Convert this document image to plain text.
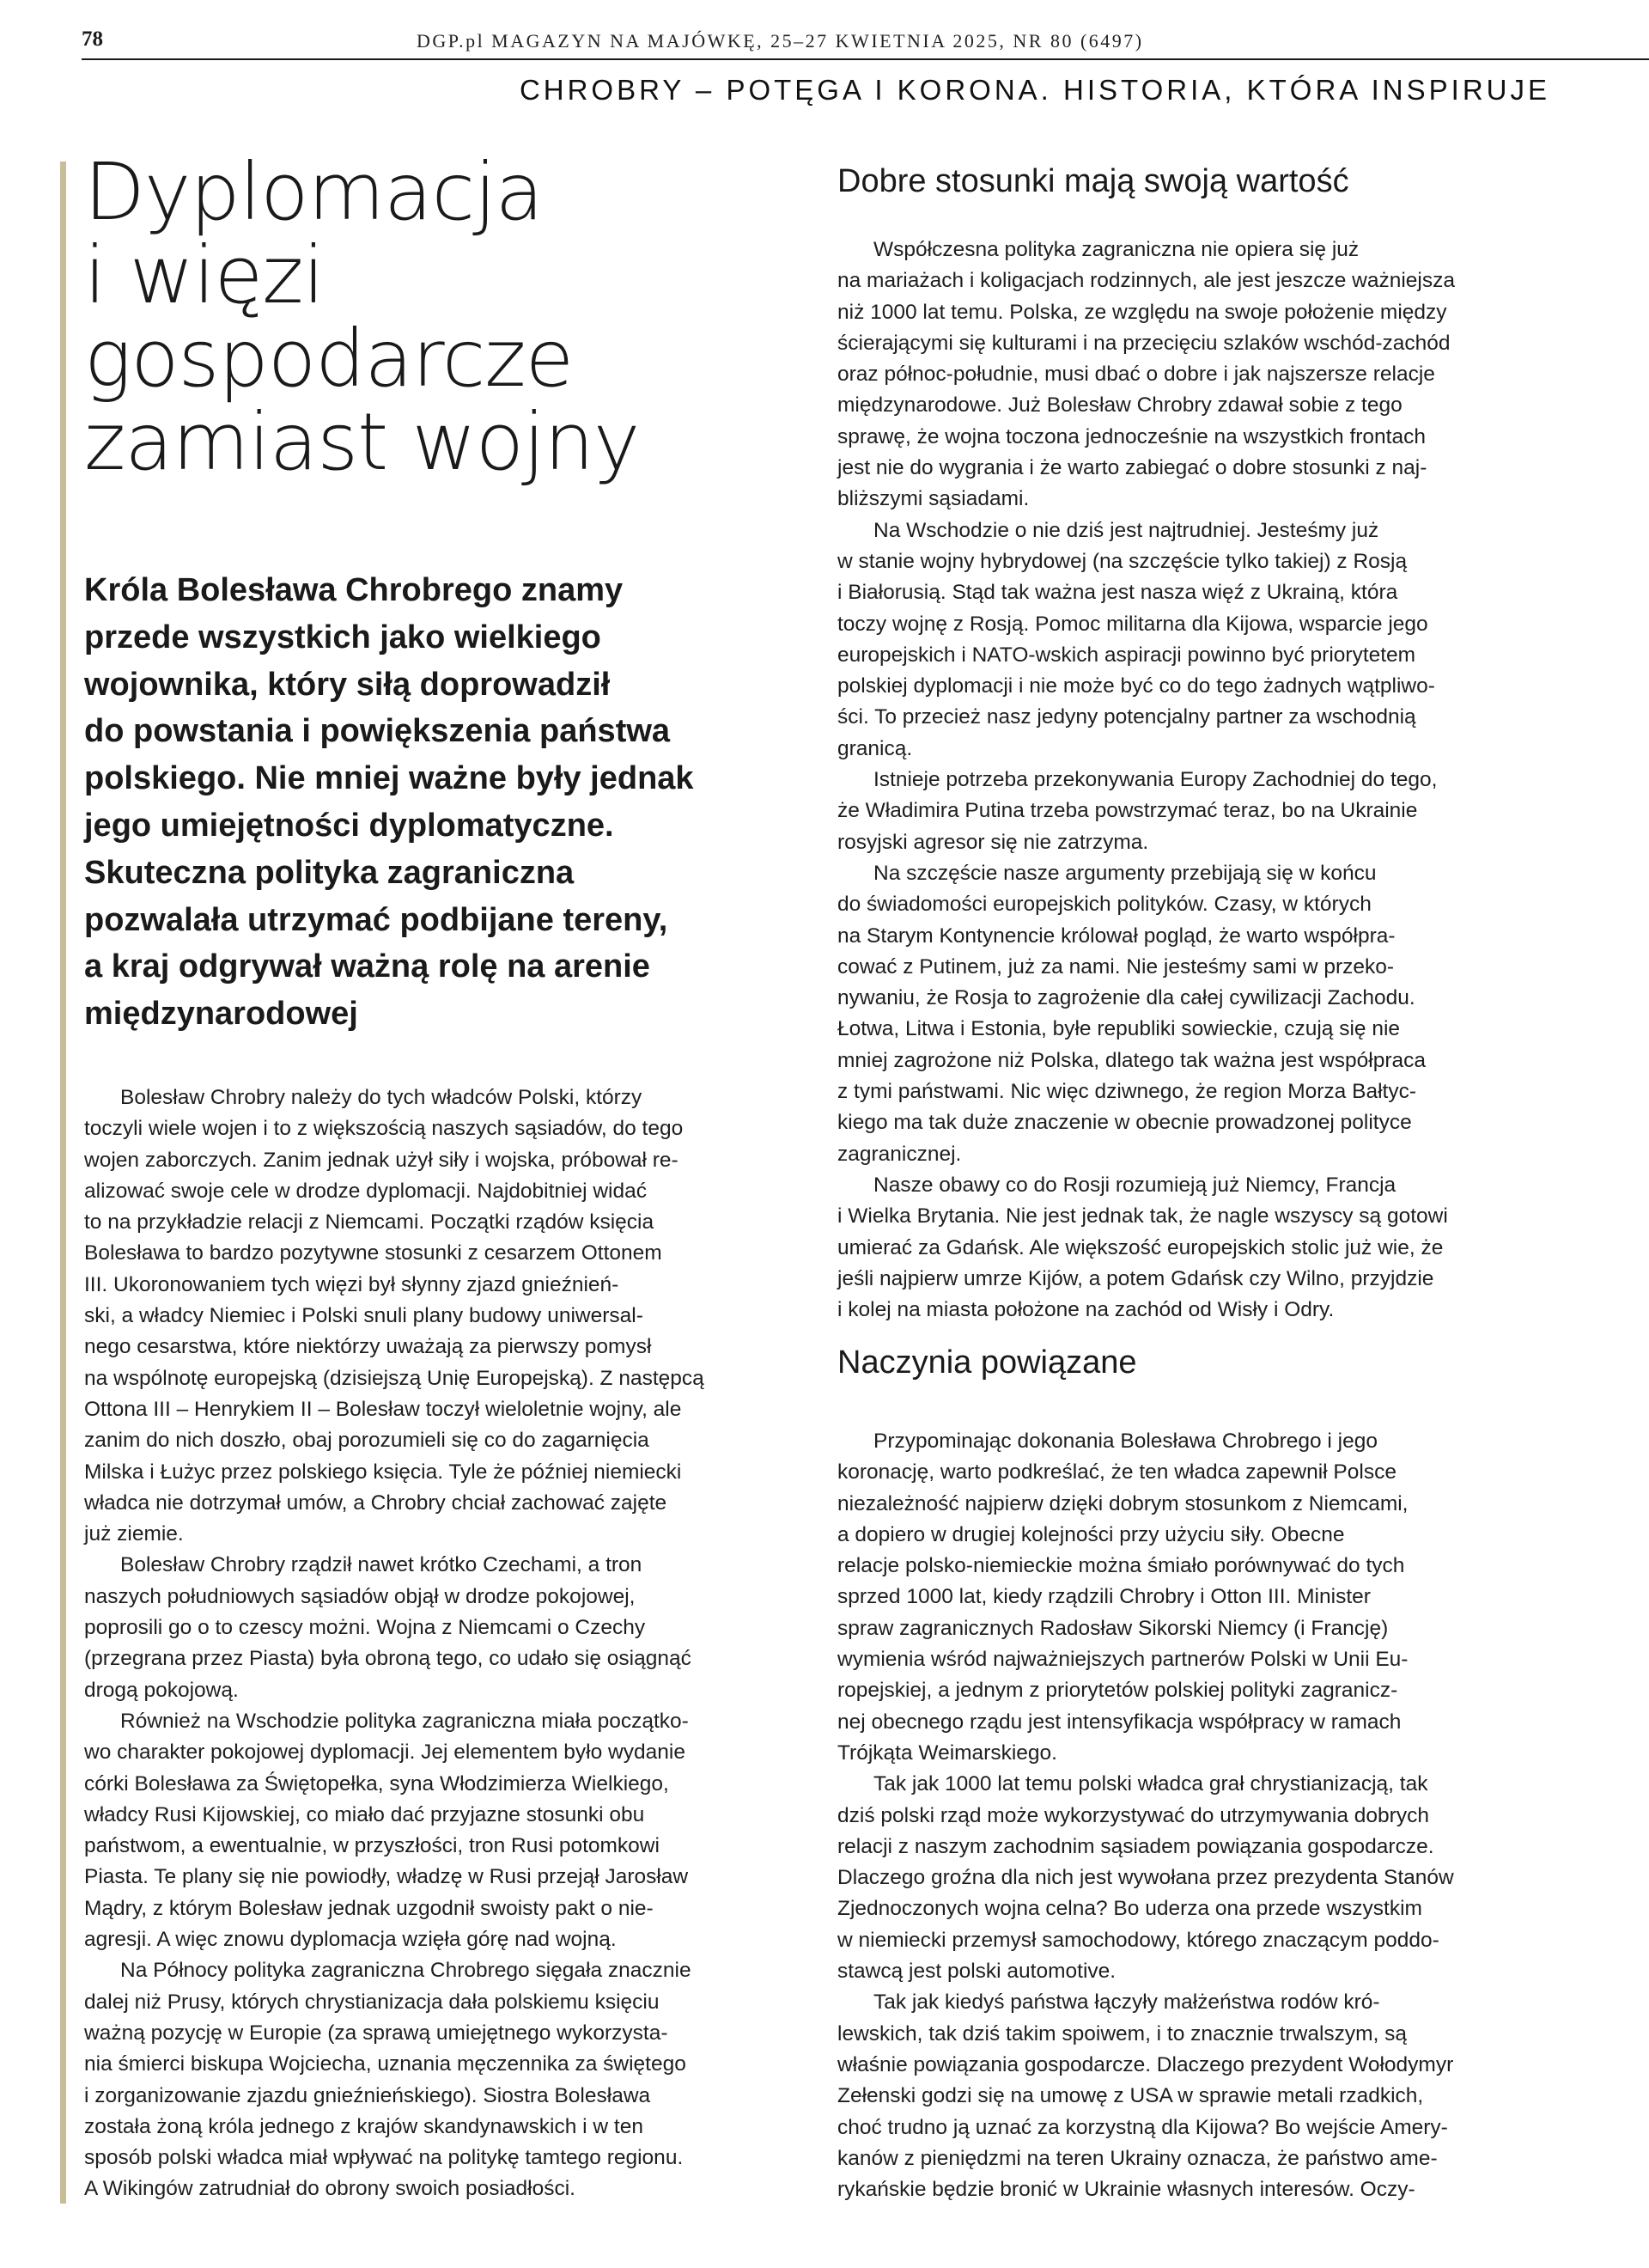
78	DGP.pl MAGAZYN NA MAJÓWKĘ, 25–27 KWIETNIA 2025, NR 80 (6497)
CHROBRY – POTĘGA I KORONA. HISTORIA, KTÓRA INSPIRUJE
Dyplomacja
i więzi
gospodarcze
zamiast wojny
Króla Bolesława Chrobrego znamy
przede wszystkich jako wielkiego
wojownika, który siłą doprowadził
do powstania i powiększenia państwa
polskiego. Nie mniej ważne były jednak
jego umiejętności dyplomatyczne.
Skuteczna polityka zagraniczna
pozwalała utrzymać podbijane tereny,
a kraj odgrywał ważną rolę na arenie
międzynarodowej
Bolesław Chrobry należy do tych władców Polski, którzy
toczyli wiele wojen i to z większością naszych sąsiadów, do tego
wojen zaborczych. Zanim jednak użył siły i wojska, próbował re-
alizować swoje cele w drodze dyplomacji. Najdobitniej widać
to na przykładzie relacji z Niemcami. Początki rządów księcia
Bolesława to bardzo pozytywne stosunki z cesarzem Ottonem
III. Ukoronowaniem tych więzi był słynny zjazd gnieźnień-
ski, a władcy Niemiec i Polski snuli plany budowy uniwersal-
nego cesarstwa, które niektórzy uważają za pierwszy pomysł
na wspólnotę europejską (dzisiejszą Unię Europejską). Z następcą
Ottona III – Henrykiem II – Bolesław toczył wieloletnie wojny, ale
zanim do nich doszło, obaj porozumieli się co do zagarnięcia
Milska i Łużyc przez polskiego księcia. Tyle że później niemiecki
władca nie dotrzymał umów, a Chrobry chciał zachować zajęte
już ziemie.
Bolesław Chrobry rządził nawet krótko Czechami, a tron
naszych południowych sąsiadów objął w drodze pokojowej,
poprosili go o to czescy możni. Wojna z Niemcami o Czechy
(przegrana przez Piasta) była obroną tego, co udało się osiągnąć
drogą pokojową.
Również na Wschodzie polityka zagraniczna miała początko-
wo charakter pokojowej dyplomacji. Jej elementem było wydanie
córki Bolesława za Świętopełka, syna Włodzimierza Wielkiego,
władcy Rusi Kijowskiej, co miało dać przyjazne stosunki obu
państwom, a ewentualnie, w przyszłości, tron Rusi potomkowi
Piasta. Te plany się nie powiodły, władzę w Rusi przejął Jarosław
Mądry, z którym Bolesław jednak uzgodnił swoisty pakt o nie-
agresji. A więc znowu dyplomacja wzięła górę nad wojną.
Na Północy polityka zagraniczna Chrobrego sięgała znacznie
dalej niż Prusy, których chrystianizacja dała polskiemu księciu
ważną pozycję w Europie (za sprawą umiejętnego wykorzysta-
nia śmierci biskupa Wojciecha, uznania męczennika za świętego
i zorganizowanie zjazdu gnieźnieńskiego). Siostra Bolesława
została żoną króla jednego z krajów skandynawskich i w ten
sposób polski władca miał wpływać na politykę tamtego regionu.
A Wikingów zatrudniał do obrony swoich posiadłości.
Dobre stosunki mają swoją wartość
Współczesna polityka zagraniczna nie opiera się już
na mariażach i koligacjach rodzinnych, ale jest jeszcze ważniejsza
niż 1000 lat temu. Polska, ze względu na swoje położenie między
ścierającymi się kulturami i na przecięciu szlaków wschód-zachód
oraz północ-południe, musi dbać o dobre i jak najszersze relacje
międzynarodowe. Już Bolesław Chrobry zdawał sobie z tego
sprawę, że wojna toczona jednocześnie na wszystkich frontach
jest nie do wygrania i że warto zabiegać o dobre stosunki z naj-
bliższymi sąsiadami.
Na Wschodzie o nie dziś jest najtrudniej. Jesteśmy już
w stanie wojny hybrydowej (na szczęście tylko takiej) z Rosją
i Białorusią. Stąd tak ważna jest nasza więź z Ukrainą, która
toczy wojnę z Rosją. Pomoc militarna dla Kijowa, wsparcie jego
europejskich i NATO-wskich aspiracji powinno być priorytetem
polskiej dyplomacji i nie może być co do tego żadnych wątpliwo-
ści. To przecież nasz jedyny potencjalny partner za wschodnią
granicą.
Istnieje potrzeba przekonywania Europy Zachodniej do tego,
że Władimira Putina trzeba powstrzymać teraz, bo na Ukrainie
rosyjski agresor się nie zatrzyma.
Na szczęście nasze argumenty przebijają się w końcu
do świadomości europejskich polityków. Czasy, w których
na Starym Kontynencie królował pogląd, że warto współpra-
cować z Putinem, już za nami. Nie jesteśmy sami w przeko-
nywaniu, że Rosja to zagrożenie dla całej cywilizacji Zachodu.
Łotwa, Litwa i Estonia, byłe republiki sowieckie, czują się nie
mniej zagrożone niż Polska, dlatego tak ważna jest współpraca
z tymi państwami. Nic więc dziwnego, że region Morza Bałtyc-
kiego ma tak duże znaczenie w obecnie prowadzonej polityce
zagranicznej.
Nasze obawy co do Rosji rozumieją już Niemcy, Francja
i Wielka Brytania. Nie jest jednak tak, że nagle wszyscy są gotowi
umierać za Gdańsk. Ale większość europejskich stolic już wie, że
jeśli najpierw umrze Kijów, a potem Gdańsk czy Wilno, przyjdzie
i kolej na miasta położone na zachód od Wisły i Odry.
Naczynia powiązane
Przypominając dokonania Bolesława Chrobrego i jego
koronację, warto podkreślać, że ten władca zapewnił Polsce
niezależność najpierw dzięki dobrym stosunkom z Niemcami,
a dopiero w drugiej kolejności przy użyciu siły. Obecne
relacje polsko-niemieckie można śmiało porównywać do tych
sprzed 1000 lat, kiedy rządzili Chrobry i Otton III. Minister
spraw zagranicznych Radosław Sikorski Niemcy (i Francję)
wymienia wśród najważniejszych partnerów Polski w Unii Eu-
ropejskiej, a jednym z priorytetów polskiej polityki zagranicz-
nej obecnego rządu jest intensyfikacja współpracy w ramach
Trójkąta Weimarskiego.
Tak jak 1000 lat temu polski władca grał chrystianizacją, tak
dziś polski rząd może wykorzystywać do utrzymywania dobrych
relacji z naszym zachodnim sąsiadem powiązania gospodarcze.
Dlaczego groźna dla nich jest wywołana przez prezydenta Stanów
Zjednoczonych wojna celna? Bo uderza ona przede wszystkim
w niemiecki przemysł samochodowy, którego znaczącym poddo-
stawcą jest polski automotive.
Tak jak kiedyś państwa łączyły małżeństwa rodów kró-
lewskich, tak dziś takim spoiwem, i to znacznie trwalszym, są
właśnie powiązania gospodarcze. Dlaczego prezydent Wołodymyr
Zełenski godzi się na umowę z USA w sprawie metali rzadkich,
choć trudno ją uznać za korzystną dla Kijowa? Bo wejście Amery-
kanów z pieniędzmi na teren Ukrainy oznacza, że państwo ame-
rykańskie będzie bronić w Ukrainie własnych interesów. Oczy-
